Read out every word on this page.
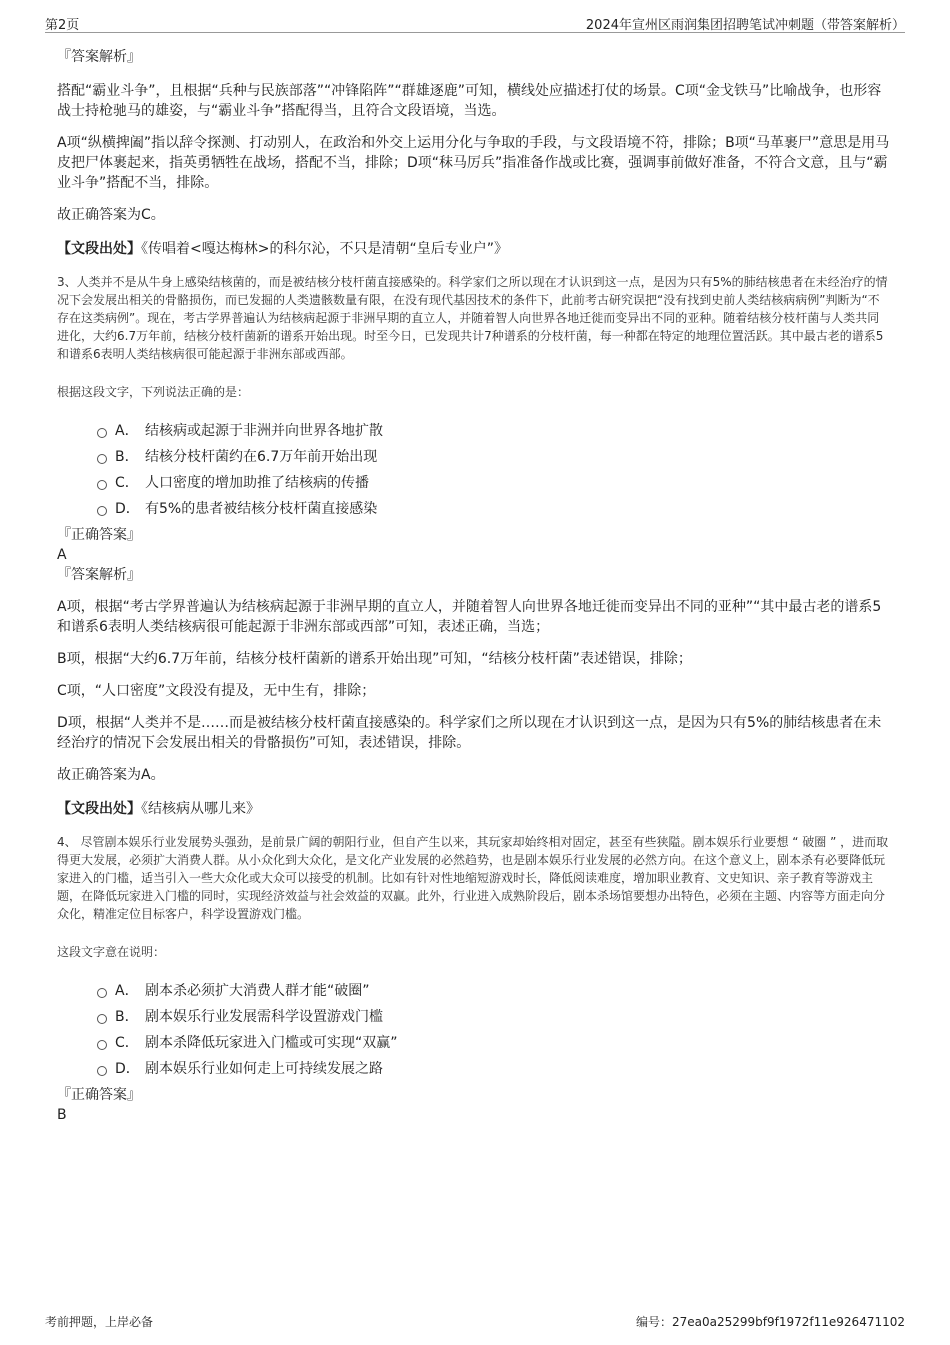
第2页	2024年宣州区雨润集团招聘笔试冲刺题（带答案解析）
『答案解析』

搭配“霸业斗争”，且根据“兵种与民族部落”“冲锋陷阵”“群雄逐鹿”可知，横线处应描述打仗的场景。C项“金戈铁马”比喻战争，也形容战士持枪驰马的雄姿，与“霸业斗争”搭配得当，且符合文段语境，当选。

A项“纵横捭阖”指以辞令探测、打动别人，在政治和外交上运用分化与争取的手段，与文段语境不符，排除；B项“马革裹尸”意思是用马皮把尸体裹起来，指英勇牺牲在战场，搭配不当，排除；D项“秣马厉兵”指准备作战或比赛，强调事前做好准备，不符合文意，且与“霸业斗争”搭配不当，排除。

故正确答案为C。

【文段出处】《传唱着<嘎达梅林>的科尔沁，不只是清朝“皇后专业户”》

3、人类并不是从牛身上感染结核菌的，而是被结核分枝杆菌直接感染的。科学家们之所以现在才认识到这一点，是因为只有5%的肺结核患者在未经治疗的情况下会发展出相关的骨骼损伤，而已发掘的人类遗骸数量有限，在没有现代基因技术的条件下，此前考古研究误把“没有找到史前人类结核病病例”判断为“不存在这类病例”。现在，考古学界普遍认为结核病起源于非洲早期的直立人，并随着智人向世界各地迁徙而变异出不同的亚种。随着结核分枝杆菌与人类共同进化，大约6.7万年前，结核分枝杆菌新的谱系开始出现。时至今日，已发现共计7种谱系的分枝杆菌，每一种都在特定的地理位置活跃。其中最古老的谱系5和谱系6表明人类结核病很可能起源于非洲东部或西部。

根据这段文字，下列说法正确的是：

A． 结核病或起源于非洲并向世界各地扩散
B． 结核分枝杆菌约在6.7万年前开始出现
C． 人口密度的增加助推了结核病的传播
D． 有5%的患者被结核分枝杆菌直接感染
『正确答案』
A
『答案解析』

A项，根据“考古学界普遍认为结核病起源于非洲早期的直立人，并随着智人向世界各地迁徙而变异出不同的亚种”“其中最古老的谱系5和谱系6表明人类结核病很可能起源于非洲东部或西部”可知，表述正确，当选；

B项，根据“大约6.7万年前，结核分枝杆菌新的谱系开始出现”可知，“结核分枝杆菌”表述错误，排除；

C项，“人口密度”文段没有提及，无中生有，排除；

D项，根据“人类并不是……而是被结核分枝杆菌直接感染的。科学家们之所以现在才认识到这一点，是因为只有5%的肺结核患者在未经治疗的情况下会发展出相关的骨骼损伤”可知，表述错误，排除。

故正确答案为A。

【文段出处】《结核病从哪儿来》

4、 尽管剧本娱乐行业发展势头强劲，是前景广阔的朝阳行业，但自产生以来，其玩家却始终相对固定，甚至有些狭隘。剧本娱乐行业要想 “ 破圈 ” ，进而取得更大发展，必须扩大消费人群。从小众化到大众化，是文化产业发展的必然趋势，也是剧本娱乐行业发展的必然方向。在这个意义上，剧本杀有必要降低玩家进入的门槛，适当引入一些大众化或大众可以接受的机制。比如有针对性地缩短游戏时长，降低阅读难度，增加职业教育、文史知识、亲子教育等游戏主题，在降低玩家进入门槛的同时，实现经济效益与社会效益的双赢。此外，行业进入成熟阶段后，剧本杀场馆要想办出特色，必须在主题、内容等方面走向分众化，精准定位目标客户，科学设置游戏门槛。

这段文字意在说明：

A． 剧本杀必须扩大消费人群才能“破圈”
B． 剧本娱乐行业发展需科学设置游戏门槛
C． 剧本杀降低玩家进入门槛或可实现“双赢”
D． 剧本娱乐行业如何走上可持续发展之路
『正确答案』
B
考前押题，上岸必备	编号：27ea0a25299bf9f1972f11e926471102
